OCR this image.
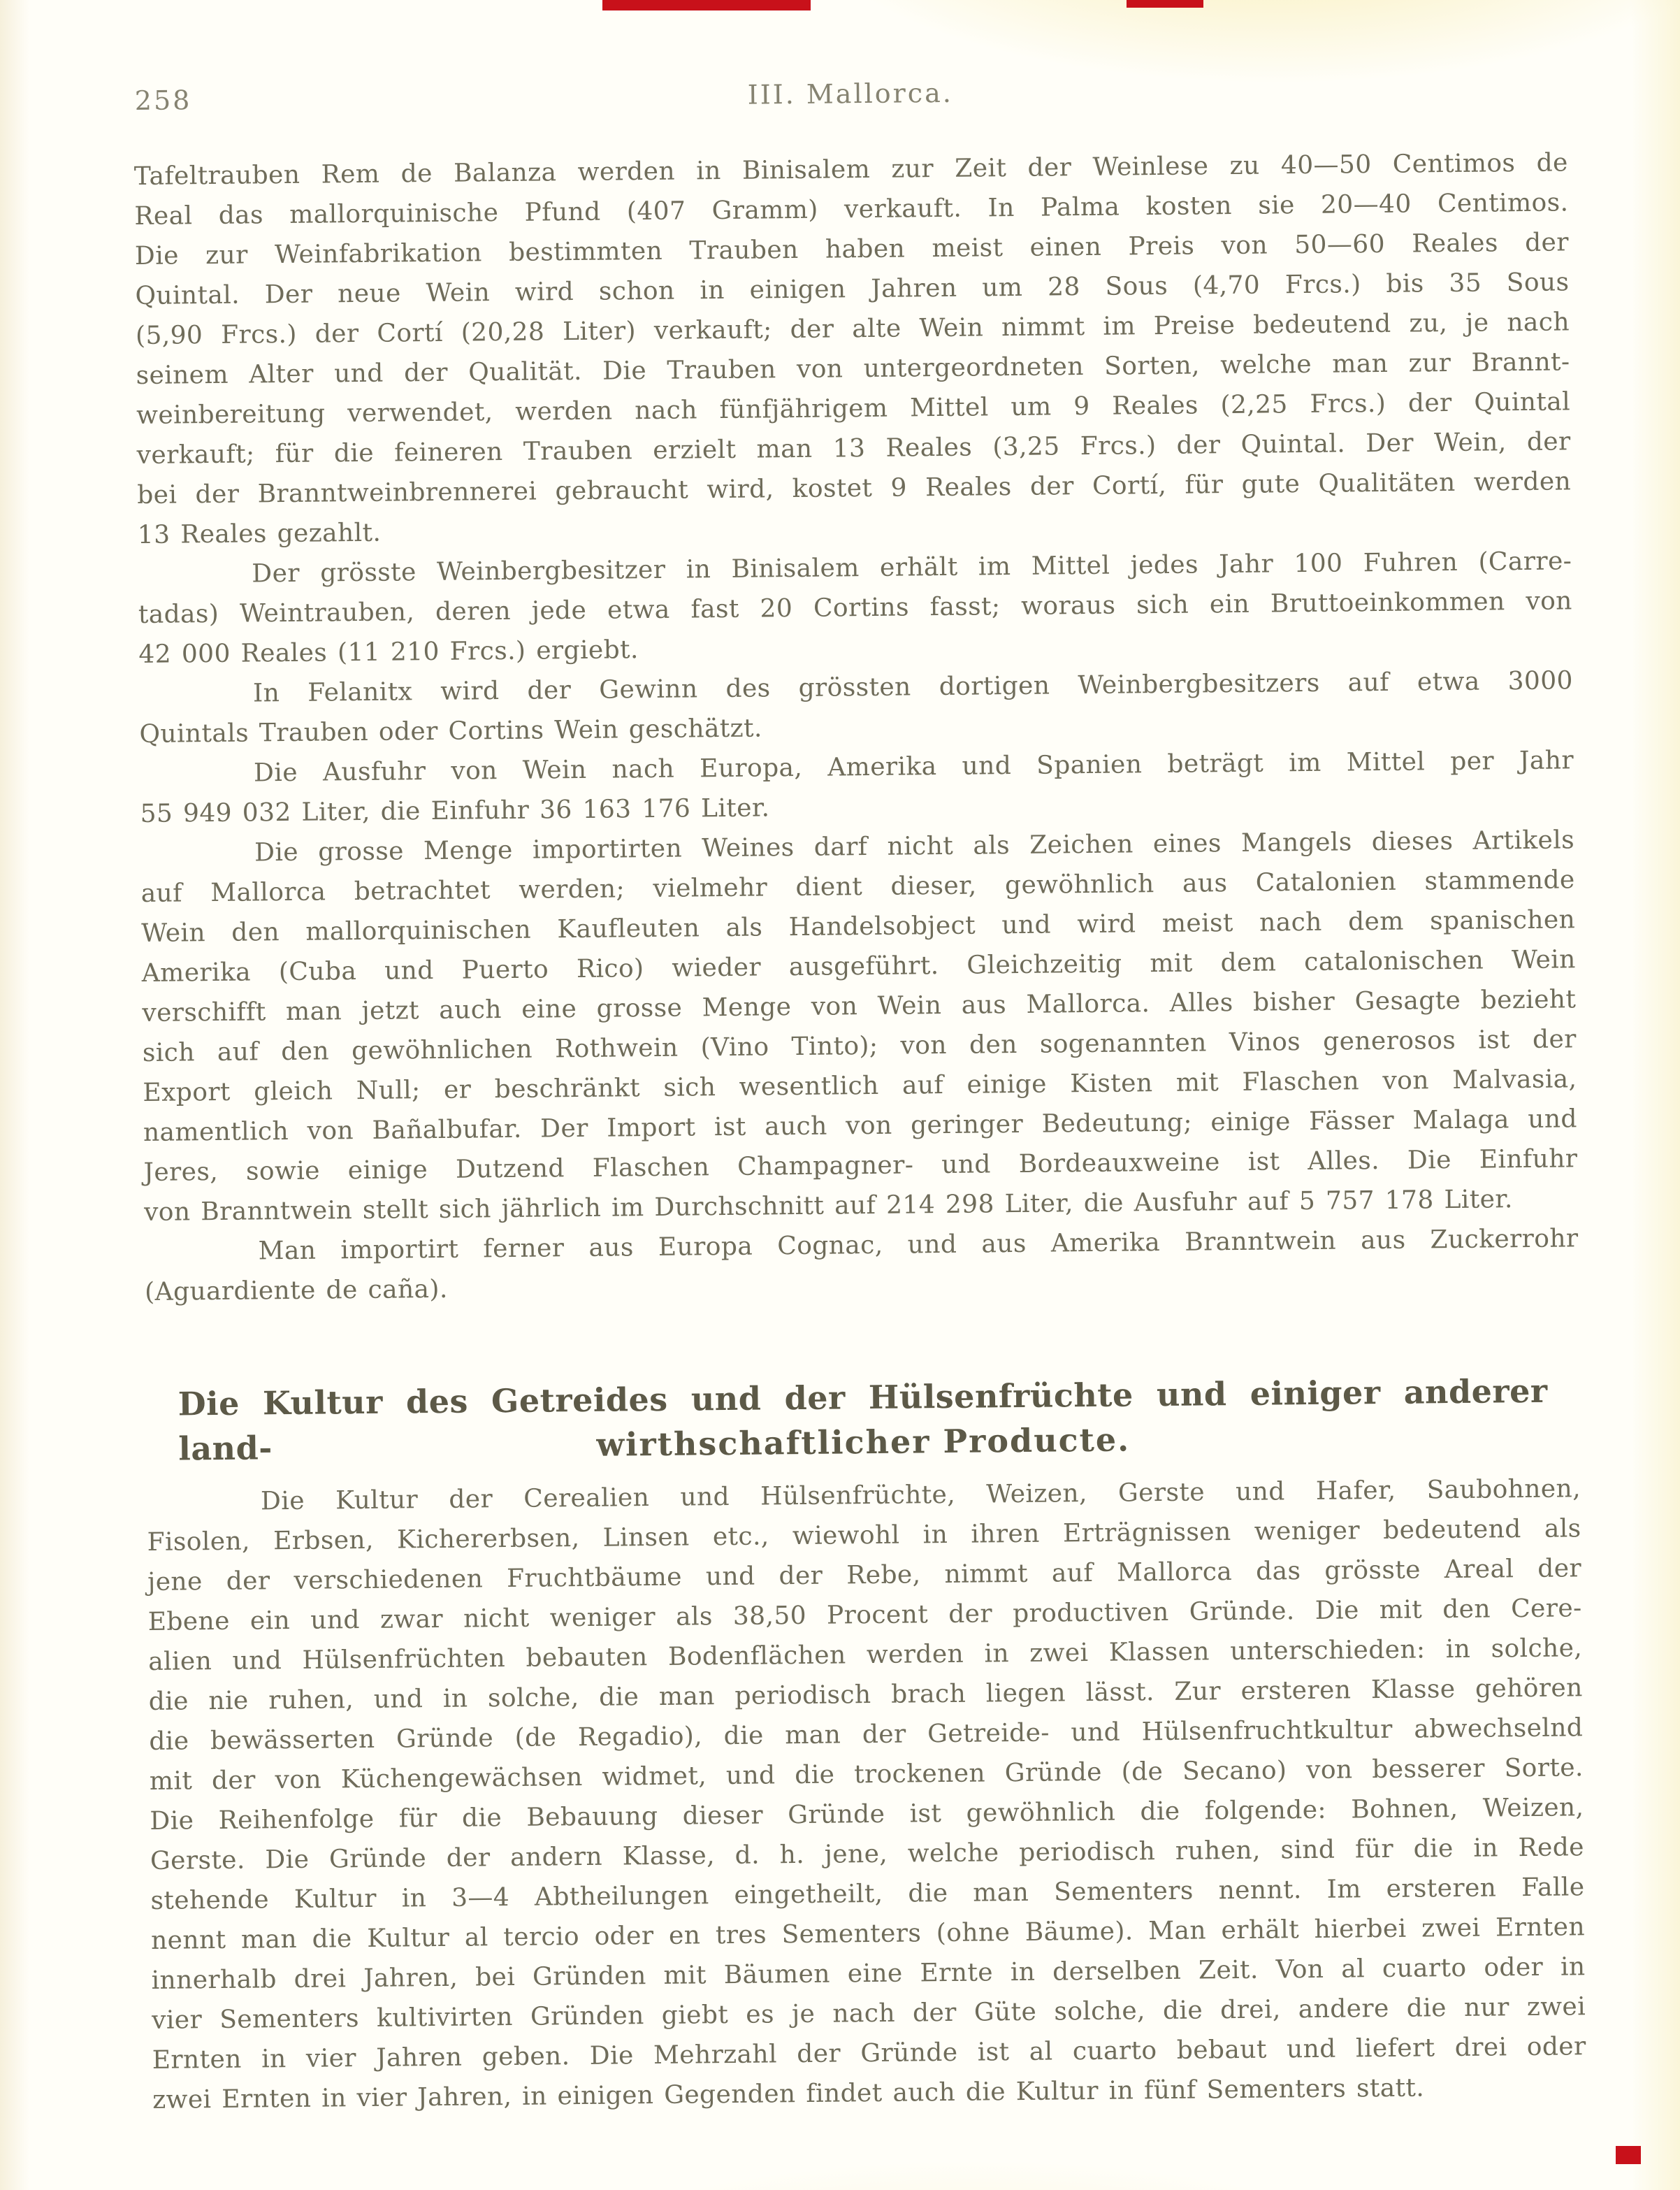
258	III. Mallorca.
Tafeltrauben Rem de Balanza werden in Binisalem zur Zeit der Weinlese zu 40—50 Centimos de
Real das mallorquinische Pfund (407 Gramm) verkauft. In Palma kosten sie 20—40 Centimos.
Die zur Weinfabrikation bestimmten Trauben haben meist einen Preis von 50—60 Reales der
Quintal. Der neue Wein wird schon in einigen Jahren um 28 Sous (4,70 Frcs.) bis 35 Sous
(5,90 Frcs.) der Cortí (20,28 Liter) verkauft; der alte Wein nimmt im Preise bedeutend zu, je nach
seinem Alter und der Qualität. Die Trauben von untergeordneten Sorten, welche man zur Brannt-
weinbereitung verwendet, werden nach fünfjährigem Mittel um 9 Reales (2,25 Frcs.) der Quintal
verkauft; für die feineren Trauben erzielt man 13 Reales (3,25 Frcs.) der Quintal. Der Wein, der
bei der Branntweinbrennerei gebraucht wird, kostet 9 Reales der Cortí, für gute Qualitäten werden
13 Reales gezahlt.
Der grösste Weinbergbesitzer in Binisalem erhält im Mittel jedes Jahr 100 Fuhren (Carre-
tadas) Weintrauben, deren jede etwa fast 20 Cortins fasst; woraus sich ein Bruttoeinkommen von
42 000 Reales (11 210 Frcs.) ergiebt.
In Felanitx wird der Gewinn des grössten dortigen Weinbergbesitzers auf etwa 3000
Quintals Trauben oder Cortins Wein geschätzt.
Die Ausfuhr von Wein nach Europa, Amerika und Spanien beträgt im Mittel per Jahr
55 949 032 Liter, die Einfuhr 36 163 176 Liter.
Die grosse Menge importirten Weines darf nicht als Zeichen eines Mangels dieses Artikels
auf Mallorca betrachtet werden; vielmehr dient dieser, gewöhnlich aus Catalonien stammende
Wein den mallorquinischen Kaufleuten als Handelsobject und wird meist nach dem spanischen
Amerika (Cuba und Puerto Rico) wieder ausgeführt. Gleichzeitig mit dem catalonischen Wein
verschifft man jetzt auch eine grosse Menge von Wein aus Mallorca. Alles bisher Gesagte bezieht
sich auf den gewöhnlichen Rothwein (Vino Tinto); von den sogenannten Vinos generosos ist der
Export gleich Null; er beschränkt sich wesentlich auf einige Kisten mit Flaschen von Malvasia,
namentlich von Bañalbufar. Der Import ist auch von geringer Bedeutung; einige Fässer Malaga und
Jeres, sowie einige Dutzend Flaschen Champagner- und Bordeauxweine ist Alles. Die Einfuhr
von Branntwein stellt sich jährlich im Durchschnitt auf 214 298 Liter, die Ausfuhr auf 5 757 178 Liter.
Man importirt ferner aus Europa Cognac, und aus Amerika Branntwein aus Zuckerrohr
(Aguardiente de caña).
Die Kultur des Getreides und der Hülsenfrüchte und einiger anderer land-	wirthschaftlicher Producte.
Die Kultur der Cerealien und Hülsenfrüchte, Weizen, Gerste und Hafer, Saubohnen,
Fisolen, Erbsen, Kichererbsen, Linsen etc., wiewohl in ihren Erträgnissen weniger bedeutend als
jene der verschiedenen Fruchtbäume und der Rebe, nimmt auf Mallorca das grösste Areal der
Ebene ein und zwar nicht weniger als 38,50 Procent der productiven Gründe. Die mit den Cere-
alien und Hülsenfrüchten bebauten Bodenflächen werden in zwei Klassen unterschieden: in solche,
die nie ruhen, und in solche, die man periodisch brach liegen lässt. Zur ersteren Klasse gehören
die bewässerten Gründe (de Regadio), die man der Getreide- und Hülsenfruchtkultur abwechselnd
mit der von Küchengewächsen widmet, und die trockenen Gründe (de Secano) von besserer Sorte.
Die Reihenfolge für die Bebauung dieser Gründe ist gewöhnlich die folgende: Bohnen, Weizen,
Gerste. Die Gründe der andern Klasse, d. h. jene, welche periodisch ruhen, sind für die in Rede
stehende Kultur in 3—4 Abtheilungen eingetheilt, die man Sementers nennt. Im ersteren Falle
nennt man die Kultur al tercio oder en tres Sementers (ohne Bäume). Man erhält hierbei zwei Ernten
innerhalb drei Jahren, bei Gründen mit Bäumen eine Ernte in derselben Zeit. Von al cuarto oder in
vier Sementers kultivirten Gründen giebt es je nach der Güte solche, die drei, andere die nur zwei
Ernten in vier Jahren geben. Die Mehrzahl der Gründe ist al cuarto bebaut und liefert drei oder
zwei Ernten in vier Jahren, in einigen Gegenden findet auch die Kultur in fünf Sementers statt.
